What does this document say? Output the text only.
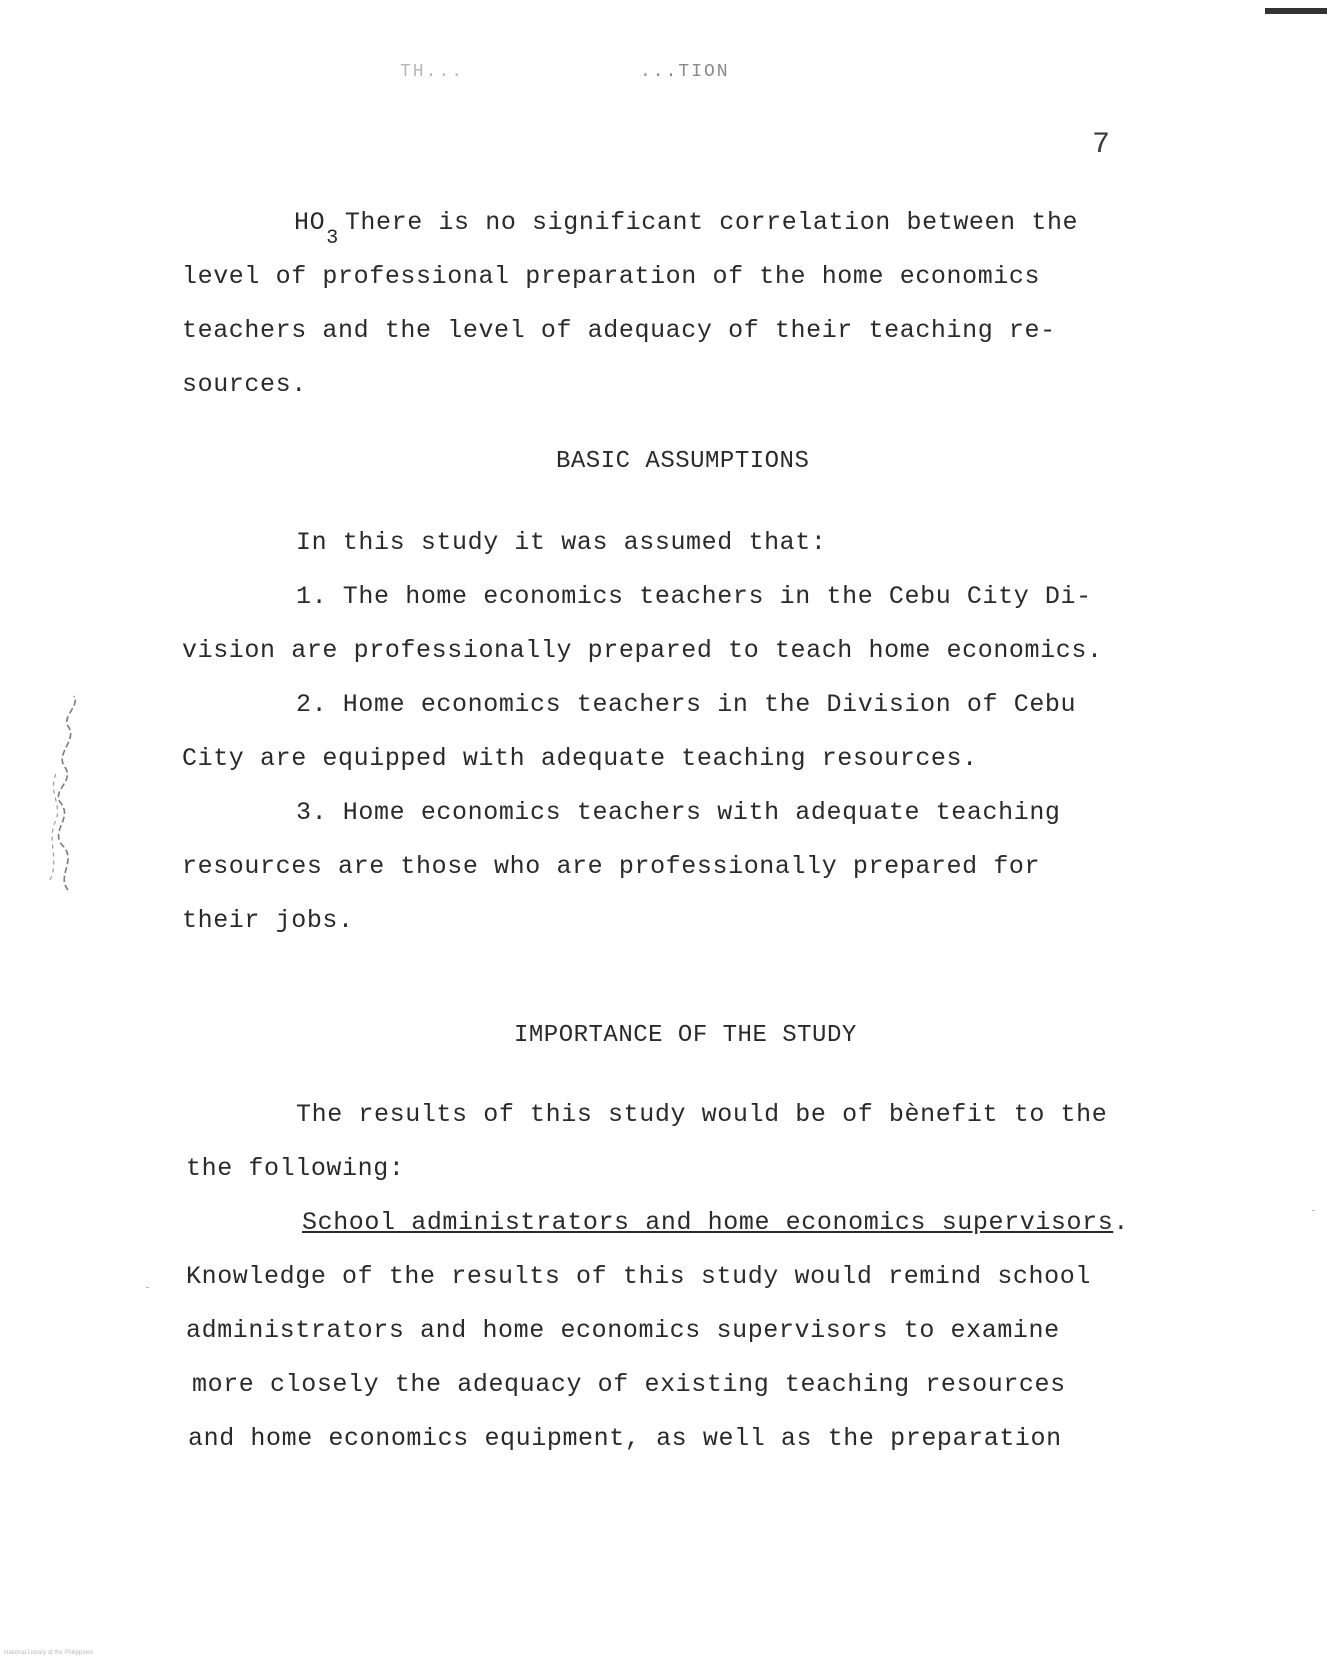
TH...	...TION
7
$HO_3There$ is no significant correlation between the
level of professional preparation of the home economics
teachers and the level of adequacy of their teaching re-
sources.
BASIC ASSUMPTIONS
In this study it was assumed that:
1. The home economics teachers in the Cebu City Di-
vision are professionally prepared to teach home economics.
2. Home economics teachers in the Division of Cebu
City are equipped with adequate teaching resources.
3. Home economics teachers with adequate teaching
resources are those who are professionally prepared for
their jobs.
IMPORTANCE OF THE STUDY
The results of this study would be of bènefit to the
the following:
School administrators and home economics supervisors.
Knowledge of the results of this study would remind school
administrators and home economics supervisors to examine
more closely the adequacy of existing teaching resources
and home economics equipment, as well as the preparation
National Library of the Philippines
